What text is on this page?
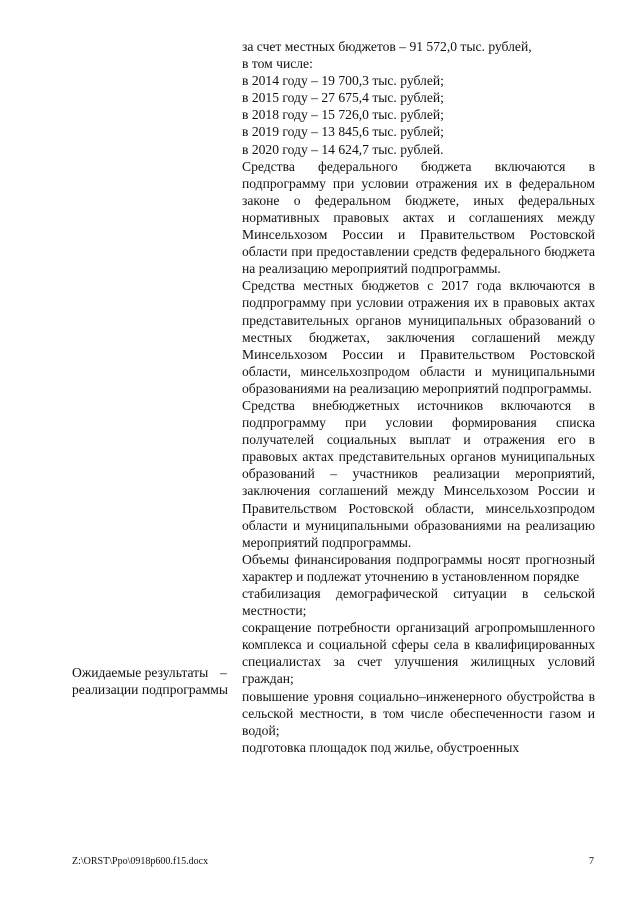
за счет местных бюджетов – 91 572,0 тыс. рублей,
в том числе:
в 2014 году – 19 700,3 тыс. рублей;
в 2015 году – 27 675,4 тыс. рублей;
в 2018 году – 15 726,0 тыс. рублей;
в 2019 году – 13 845,6 тыс. рублей;
в 2020 году – 14 624,7 тыс. рублей.

Средства федерального бюджета включаются в подпрограмму при условии отражения их в федеральном законе о федеральном бюджете, иных федеральных нормативных правовых актах и соглашениях между Минсельхозом России и Правительством Ростовской области при предоставлении средств федерального бюджета на реализацию мероприятий подпрограммы.

Средства местных бюджетов с 2017 года включаются в подпрограмму при условии отражения их в правовых актах представительных органов муниципальных образований о местных бюджетах, заключения соглашений между Минсельхозом России и Правительством Ростовской области, минсельхозпродом области и муниципальными образованиями на реализацию мероприятий подпрограммы.

Средства внебюджетных источников включаются в подпрограмму при условии формирования списка получателей социальных выплат и отражения его в правовых актах представительных органов муниципальных образований – участников реализации мероприятий, заключения соглашений между Минсельхозом России и Правительством Ростовской области, минсельхозпродом области и муниципальными образованиями на реализацию мероприятий подпрограммы.

Объемы финансирования подпрограммы носят прогнозный характер и подлежат уточнению в установленном порядке

стабилизация демографической ситуации в сельской местности;

сокращение потребности организаций агропромышленного комплекса и социальной сферы села в квалифицированных специалистах за счет улучшения жилищных условий граждан;

повышение уровня социально–инженерного обустройства в сельской местности, в том числе обеспеченности газом и водой;

подготовка площадок под жилье, обустроенных

Ожидаемые результаты реализации подпрограммы
–
Z:\ORST\Ppo\0918p600.f15.docx	7
